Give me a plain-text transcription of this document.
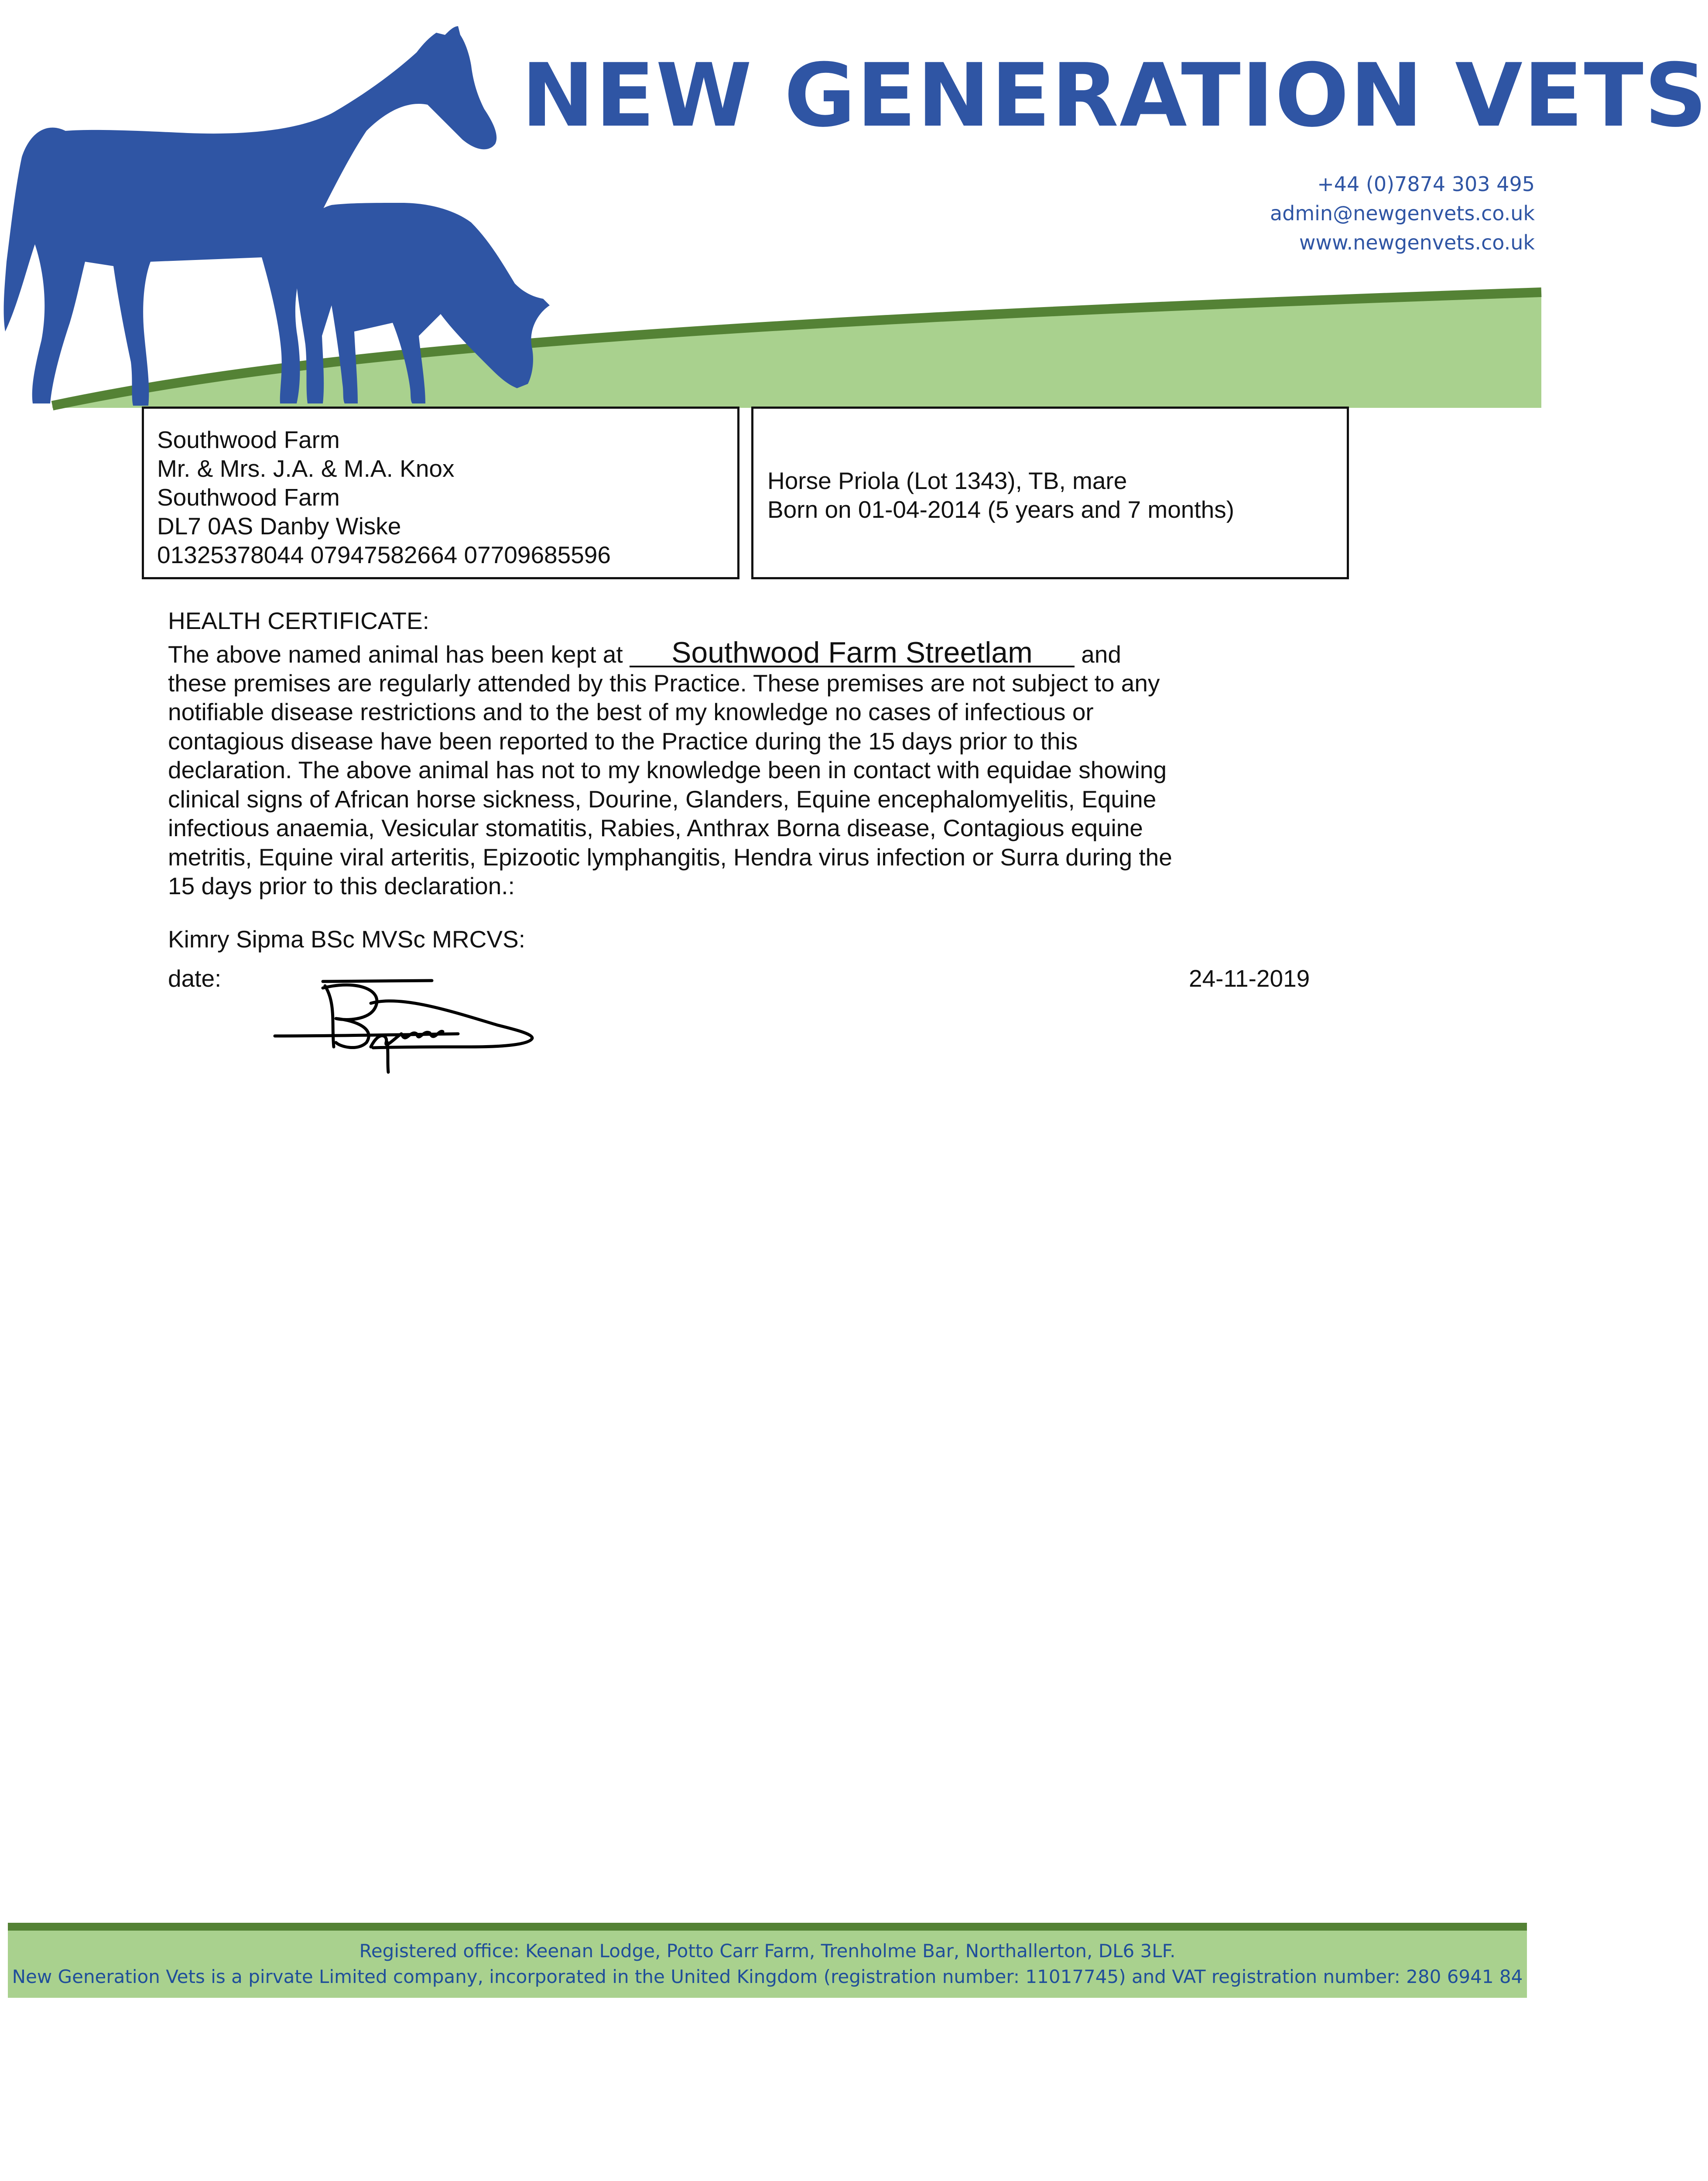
NEW GENERATION VETS
+44 (0)7874 303 495
admin@newgenvets.co.uk
www.newgenvets.co.uk
Southwood Farm
Mr. & Mrs. J.A. & M.A. Knox
Southwood Farm
DL7 0AS Danby Wiske
01325378044 07947582664 07709685596
Horse Priola (Lot 1343), TB, mare
Born on 01-04-2014 (5 years and 7 months)
HEALTH CERTIFICATE:
The above named animal has been kept at Southwood Farm Streetlam and
these premises are regularly attended by this Practice. These premises are not subject to any
notifiable disease restrictions and to the best of my knowledge no cases of infectious or
contagious disease have been reported to the Practice during the 15 days prior to this
declaration. The above animal has not to my knowledge been in contact with equidae showing
clinical signs of African horse sickness, Dourine, Glanders, Equine encephalomyelitis, Equine
infectious anaemia, Vesicular stomatitis, Rabies, Anthrax Borna disease, Contagious equine
metritis, Equine viral arteritis, Epizootic lymphangitis, Hendra virus infection or Surra during the
15 days prior to this declaration.:
Kimry Sipma BSc MVSc MRCVS:
date:	24-11-2019
Registered office: Keenan Lodge, Potto Carr Farm, Trenholme Bar, Northallerton, DL6 3LF.
New Generation Vets is a pirvate Limited company, incorporated in the United Kingdom (registration number: 11017745) and VAT registration number: 280 6941 84
